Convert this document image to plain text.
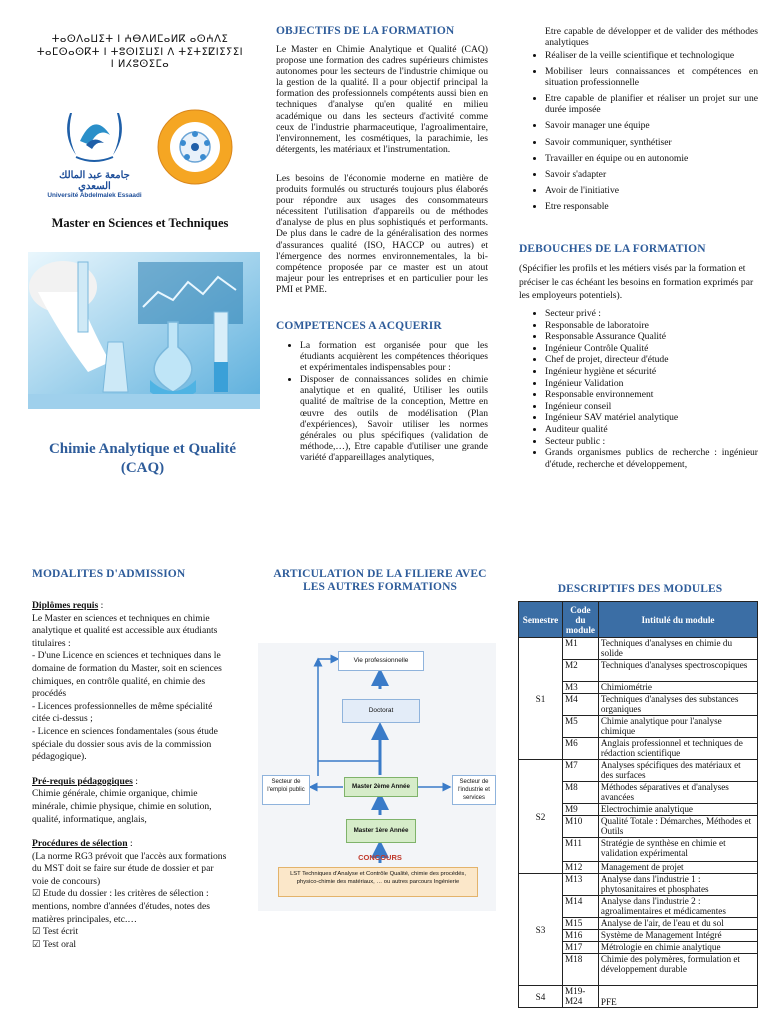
ⵜⴰⵙⴷⴰⵡⵉⵜ ⵏ ⵄⴱⴷⵍⵎⴰⵍⴽ ⴰⵙⵄⴷⵉ
ⵜⴰⵎⵙⴰⵙⴽⵜ ⵏ ⵜⵓⵙⵏⵉⵡⵉⵏ ⴷ ⵜⵉⵜⵉⵇⵏⵉⵢⵉⵏ
ⵏ ⵍⵃⵓⵙⵉⵎⴰ
جامعة عبد المالك السعدي
Université Abdelmalek Essaadi
Master en Sciences et Techniques
Chimie Analytique et Qualité (CAQ)
OBJECTIFS DE LA FORMATION
Le Master en Chimie Analytique et Qualité (CAQ) propose une formation des cadres supérieurs chimistes autonomes pour les secteurs de l'industrie chimique ou la gestion de la qualité. Il a pour objectif principal la formation des professionnels compétents aussi bien en techniques d'analyse qu'en qualité en milieu académique ou dans les secteurs d'activité comme ceux de l'industrie pharmaceutique, l'agroalimentaire, l'environnement, les cosmétiques, la parachimie, les détergents, les matériaux et l'instrumentation.
Les besoins de l'économie moderne en matière de produits formulés ou structurés toujours plus élaborés pour répondre aux usages des consommateurs nécessitent l'utilisation d'appareils ou de méthodes d'analyse de plus en plus sophistiqués et performants. De plus dans le cadre de la généralisation des normes d'assurances qualité (ISO, HACCP ou autres) et l'émergence des normes environnementales, la bi-compétence proposée par ce master est un atout majeur pour les entreprises et en particulier pour les PMI et PME.
COMPETENCES A ACQUERIR
• La formation est organisée pour que les étudiants acquièrent les compétences théoriques et expérimentales indispensables pour :
• Disposer de connaissances solides en chimie analytique et en qualité, Utiliser les outils qualité de maîtrise de la conception, Mettre en œuvre des outils de modélisation (Plan d'expériences), Savoir utiliser les normes générales ou plus spécifiques (validation de méthode,…), Etre capable d'utiliser une grande variété d'appareillages analytiques,
Etre capable de développer et de valider des méthodes analytiques
• Réaliser de la veille scientifique et technologique
• Mobiliser leurs connaissances et compétences en situation professionnelle
• Etre capable de planifier et réaliser un projet sur une durée imposée
• Savoir manager une équipe
• Savoir communiquer, synthétiser
• Travailler en équipe ou en autonomie
• Savoir s'adapter
• Avoir de l'initiative
• Etre responsable
DEBOUCHES DE LA FORMATION
(Spécifier les profils et les métiers visés par la formation et préciser le cas échéant les besoins en formation exprimés par les employeurs potentiels).
• Secteur privé :
• Responsable de laboratoire
• Responsable Assurance Qualité
• Ingénieur Contrôle Qualité
• Chef de projet, directeur d'étude
• Ingénieur hygiène et sécurité
• Ingénieur Validation
• Responsable environnement
• Ingénieur conseil
• Ingénieur SAV matériel analytique
• Auditeur qualité
• Secteur public :
• Grands organismes publics de recherche : ingénieur d'étude, recherche et développement,
MODALITES D'ADMISSION
Diplômes requis :
Le Master en sciences et techniques en chimie analytique et qualité est accessible aux étudiants titulaires :
- D'une Licence en sciences et techniques dans le domaine de formation du Master, soit en sciences chimiques, en contrôle qualité, en chimie des procédés
- Licences professionnelles de même spécialité citée ci-dessus ;
- Licence en sciences fondamentales (sous étude spéciale du dossier sous avis de la commission pédagogique).
Pré-requis pédagogiques :
Chimie générale, chimie organique, chimie minérale, chimie physique, chimie en solution, qualité, informatique, anglais,
Procédures de sélection :
(La norme RG3 prévoit que l'accès aux formations du MST doit se faire sur étude de dossier et par voie de concours)
☑ Etude du dossier : les critères de sélection : mentions, nombre d'années d'études, notes des matières principales, etc.…
☑ Test écrit
☑ Test oral
ARTICULATION DE LA FILIERE AVEC LES AUTRES FORMATIONS
Vie professionnelle
Doctorat
Master 2ème Année
Master 1ère Année
Secteur de l'emploi public
Secteur de l'industrie et services
CONCOURS
LST Techniques d'Analyse et Contrôle Qualité, chimie des procédés, physico-chimie des matériaux, … ou autres parcours Ingénierie
DESCRIPTIFS DES MODULES
Semestre	Code du module	Intitulé du module
S1	M1	Techniques d'analyses en chimie du solide
	M2	Techniques d'analyses spectroscopiques
	M3	Chimiométrie
	M4	Techniques d'analyses des substances organiques
	M5	Chimie analytique pour l'analyse chimique
	M6	Anglais professionnel et techniques de rédaction scientifique
S2	M7	Analyses spécifiques des matériaux et des surfaces
	M8	Méthodes séparatives et d'analyses avancées
	M9	Electrochimie analytique
	M10	Qualité Totale : Démarches, Méthodes et Outils
	M11	Stratégie de synthèse en chimie et validation expérimental
	M12	Management de projet
S3	M13	Analyse dans l'industrie 1 : phytosanitaires et phosphates
	M14	Analyse dans l'industrie 2 : agroalimentaires et médicamentes
	M15	Analyse de l'air, de l'eau et du sol
	M16	Système de Management Intégré
	M17	Métrologie en chimie analytique
	M18	Chimie des polymères, formulation et développement durable
S4	M19-M24	PFE
